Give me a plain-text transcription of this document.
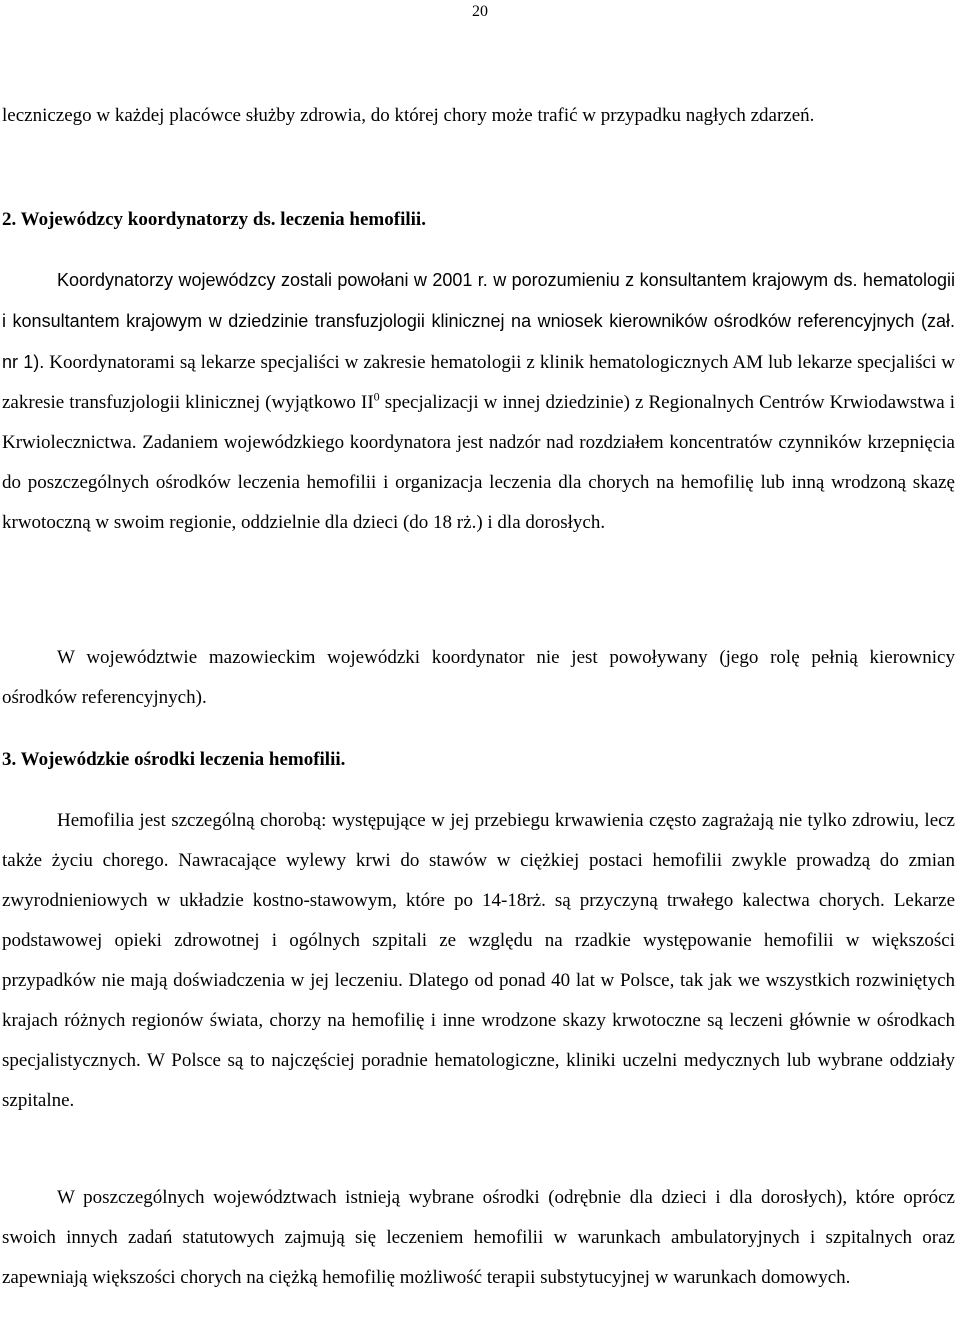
20

leczniczego w każdej placówce służby zdrowia, do której chory może trafić w przypadku nagłych zdarzeń.

2. Wojewódzcy koordynatorzy ds. leczenia hemofilii.

Koordynatorzy wojewódzcy zostali powołani w 2001 r. w porozumieniu z konsultantem krajowym ds. hematologii i konsultantem krajowym w dziedzinie transfuzjologii klinicznej na wniosek kierowników ośrodków referencyjnych (zał. nr 1). Koordynatorami są lekarze specjaliści w zakresie hematologii z klinik hematologicznych AM lub lekarze specjaliści w zakresie transfuzjologii klinicznej (wyjątkowo $II^0$ specjalizacji w innej dziedzinie) z Regionalnych Centrów Krwiodawstwa i Krwiolecznictwa. Zadaniem wojewódzkiego koordynatora jest nadzór nad rozdziałem koncentratów czynników krzepnięcia do poszczególnych ośrodków leczenia hemofilii i organizacja leczenia dla chorych na hemofilię lub inną wrodzoną skazę krwotoczną w swoim regionie, oddzielnie dla dzieci (do 18 rż.) i dla dorosłych.

W województwie mazowieckim wojewódzki koordynator nie jest powoływany (jego rolę pełnią kierownicy ośrodków referencyjnych).

3. Wojewódzkie ośrodki leczenia hemofilii.

Hemofilia jest szczególną chorobą: występujące w jej przebiegu krwawienia często zagrażają nie tylko zdrowiu, lecz także życiu chorego. Nawracające wylewy krwi do stawów w ciężkiej postaci hemofilii zwykle prowadzą do zmian zwyrodnieniowych w układzie kostno-stawowym, które po 14-18rż. są przyczyną trwałego kalectwa chorych. Lekarze podstawowej opieki zdrowotnej i ogólnych szpitali ze względu na rzadkie występowanie hemofilii w większości przypadków nie mają doświadczenia w jej leczeniu. Dlatego od ponad 40 lat w Polsce, tak jak we wszystkich rozwiniętych krajach różnych regionów świata, chorzy na hemofilię i inne wrodzone skazy krwotoczne są leczeni głównie w ośrodkach specjalistycznych. W Polsce są to najczęściej poradnie hematologiczne, kliniki uczelni medycznych lub wybrane oddziały szpitalne.

W poszczególnych województwach istnieją wybrane ośrodki (odrębnie dla dzieci i dla dorosłych), które oprócz swoich innych zadań statutowych zajmują się leczeniem hemofilii w warunkach ambulatoryjnych i szpitalnych oraz zapewniają większości chorych na ciężką hemofilię możliwość terapii substytucyjnej w warunkach domowych.
